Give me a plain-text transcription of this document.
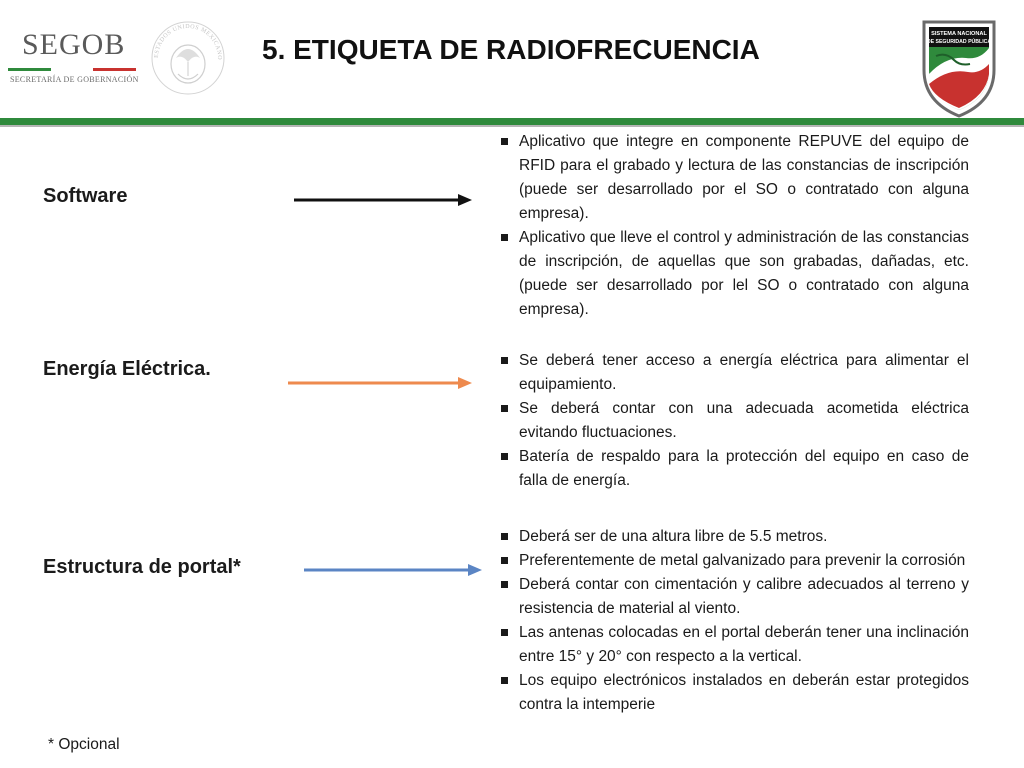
SEGOB
SECRETARÍA DE GOBERNACIÓN
ESTADOS UNIDOS MEXICANO 5. ETIQUETA DE RADIOFRECUENCIA	SISTEMA NACIONAL
DE SEGURIDAD PÚBLICA
Software
Aplicativo que integre en componente REPUVE del equipo de RFID para el grabado y lectura de las constancias de inscripción (puede ser desarrollado por el SO o contratado con alguna empresa).
Aplicativo que lleve el control y administración de las constancias de inscripción, de aquellas que son grabadas, dañadas, etc. (puede ser desarrollado por lel SO o contratado con alguna empresa).
Energía Eléctrica.	Se deberá tener acceso a energía eléctrica para alimentar el equipamiento.
Se deberá contar con una adecuada acometida eléctrica evitando fluctuaciones.
Batería de respaldo para la protección del equipo en caso de falla de energía.
Estructura de portal*
Deberá ser de una altura libre de 5.5 metros.
Preferentemente de metal galvanizado para prevenir la corrosión
Deberá contar con cimentación y calibre adecuados al terreno y resistencia de material al viento.
Las antenas colocadas en el portal deberán tener una inclinación entre 15° y 20° con respecto a la vertical.
Los equipo electrónicos instalados en deberán estar protegidos contra la intemperie
* Opcional
